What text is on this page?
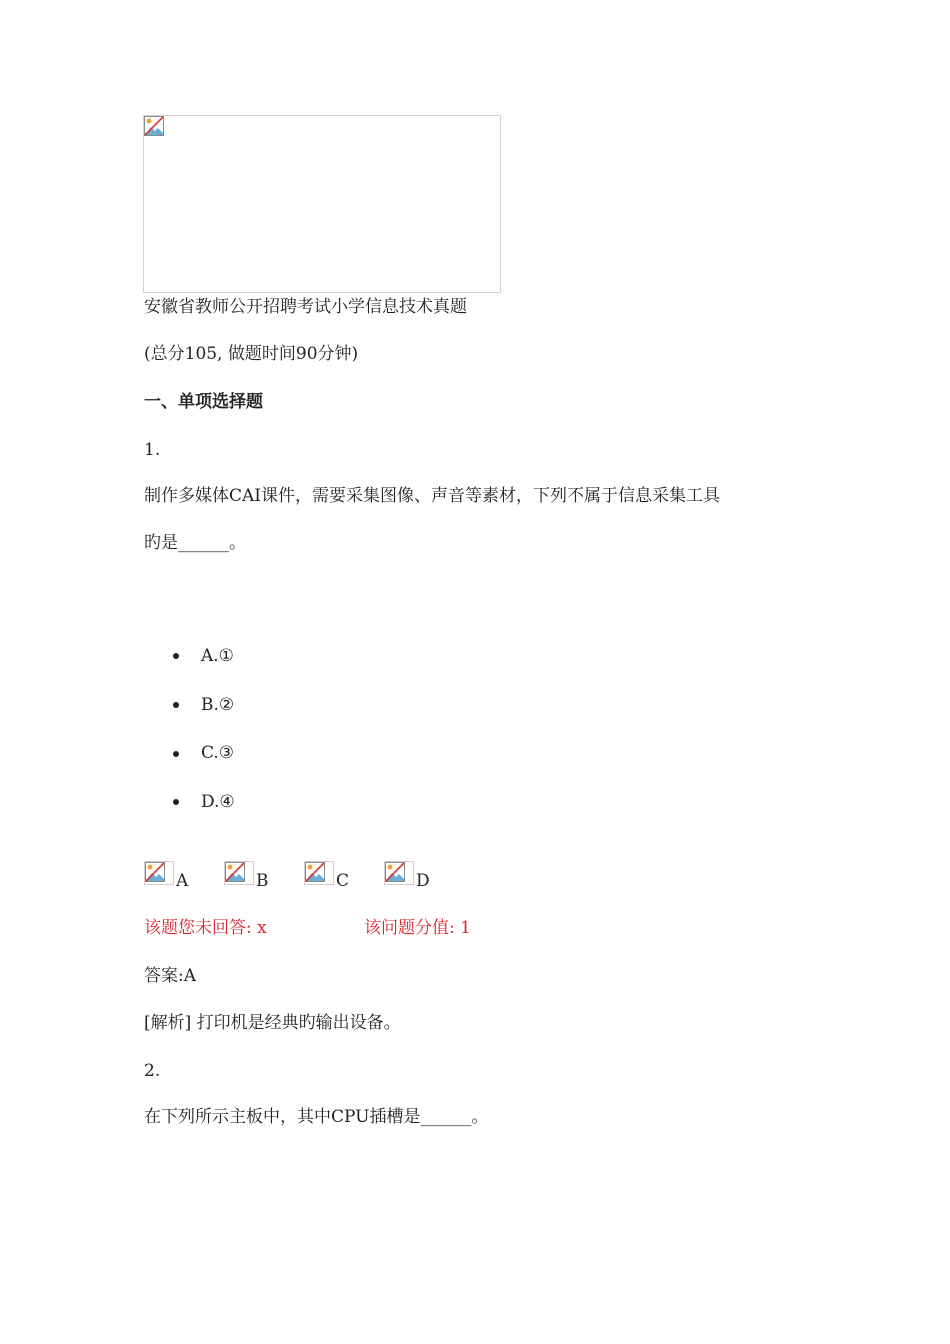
安徽省教师公开招聘考试小学信息技术真题
(总分105, 做题时间90分钟)
一、单项选择题
1.
制作多媒体CAI课件，需要采集图像、声音等素材，下列不属于信息采集工具
旳是______。
A.①
B.②
C.③
D.④
A	B	C	D
该题您未回答: x	该问题分值: 1
答案:A
[解析] 打印机是经典旳输出设备。
2.
在下列所示主板中，其中CPU插槽是______。
